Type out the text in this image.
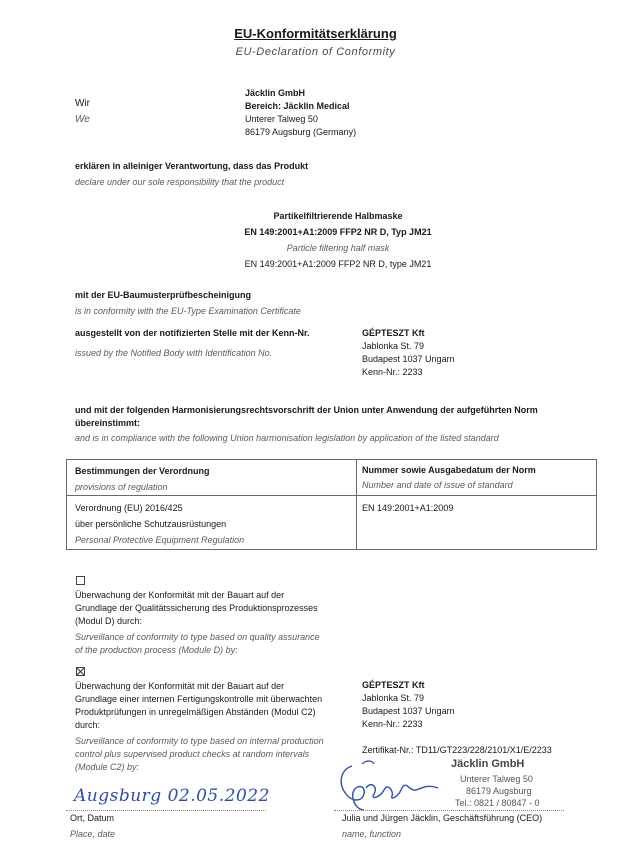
EU-Konformitätserklärung
EU-Declaration of Conformity
Wir
We
Jäcklin GmbH
Bereich: Jäcklin Medical
Unterer Talweg 50
86179 Augsburg (Germany)
erklären in alleiniger Verantwortung, dass das Produkt
declare under our sole responsibility that the product
Partikelfiltrierende Halbmaske
EN 149:2001+A1:2009 FFP2 NR D, Typ JM21
Particle filtering half mask
EN 149:2001+A1:2009 FFP2 NR D, type JM21
mit der EU-Baumusterprüfbescheinigung
is in conformity with the EU-Type Examination Certificate
ausgestellt von der notifizierten Stelle mit der Kenn-Nr.
issued by the Notified Body with Identification No.
GÉPTESZT Kft
Jablonka St. 79
Budapest 1037 Ungarn
Kenn-Nr.: 2233
und mit der folgenden Harmonisierungsrechtsvorschrift der Union unter Anwendung der aufgeführten Norm
übereinstimmt:
and is in compliance with the following Union harmonisation legislation by application of the listed standard
Bestimmungen der Verordnung
provisions of regulation
Nummer sowie Ausgabedatum der Norm
Number and date of issue of standard
Verordnung (EU) 2016/425
über persönliche Schutzausrüstungen
Personal Protective Equipment Regulation
EN 149:2001+A1:2009
Überwachung der Konformität mit der Bauart auf der
Grundlage der Qualitätssicherung des Produktionsprozesses
(Modul D) durch:
Surveillance of conformity to type based on quality assurance
of the production process (Module D) by:
Überwachung der Konformität mit der Bauart auf der
Grundlage einer internen Fertigungskontrolle mit überwachten
Produktprüfungen in unregelmäßigen Abständen (Modul C2)
durch:
Surveillance of conformity to type based on internal production
control plus supervised product checks at random intervals
(Module C2) by:
GÉPTESZT Kft
Jablonka St. 79
Budapest 1037 Ungarn
Kenn-Nr.: 2233
Zertifikat-Nr.: TD11/GT223/228/2101/X1/E/2233
Jäcklin GmbH
Unterer Talweg 50
86179 Augsburg
Tel.: 0821 / 80847 - 0
Augsburg 02.05.2022
Ort, Datum
Place, date
Julia und Jürgen Jäcklin, Geschäftsführung (CEO)
name, function
